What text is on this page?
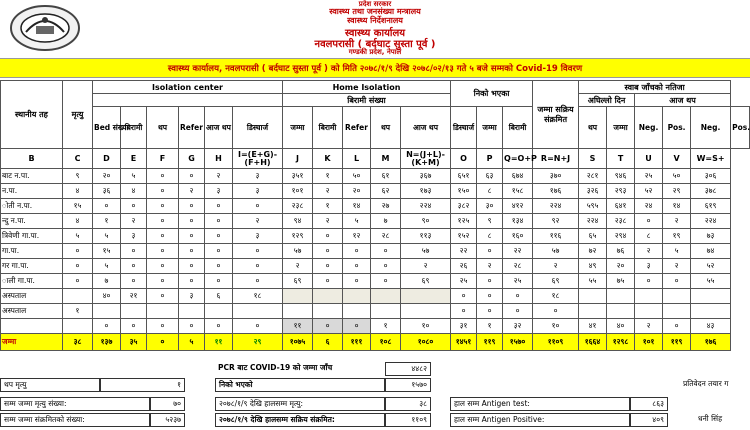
प्रदेश सरकार
स्वास्थ्य तथा जनसंख्या मन्त्रालय
स्वास्थ्य निर्देशनालय
स्वास्थ्य कार्यालय
नवलपरासी ( बर्दघाट सुस्ता पूर्व )
गण्डकी प्रदेश, नेपाल
स्वास्थ्य कार्यालय, नवलपरासी ( बर्दघाट सुस्ता पूर्व ) को मिति २०७८/१/९ देखि २०७८/०२/१३ गते ५ बजे सम्मको Covid-19 विवरण
स्थानीय तह	मृत्यु	Isolation center						Home Isolation					निको भएका			जम्मा सक्रिय संक्रमित	स्वाब जाँचको नतिजा					
								बिरामी संख्या									अघिल्लो दिन		आज थप			
		Bed संख्या	बिरामी	थप	Refer	आज थप	डिस्चार्ज	जम्मा	बिरामी	Refer	थप	आज थप	डिस्चार्ज	जम्मा	बिरामी		थप	जम्मा	Neg.	Pos.	Neg.	Pos.
B	C	D	E	F	G	H	I=(E+G)-(F+H)	J	K	L	M	N=(J+L)-(K+M)	O	P	Q=O+P	R=N+J	S	T	U	V	W=S+	
बाट न.पा.	९	२०	५	०	०	२	३	३५१	१	५०	६१	३६७	६५१	६३	६७४	३७०	२८१	९४६	२५	५०	३०६	
न.पा.	४	३६	४	०	२	३	३	१०१	२	२०	६२	१७३	१५०	८	१५८	१७६	३२६	२९३	५२	२९	३७८	
ोती न.पा.	१५	०	०	०	०	०	०	२३८	१	१४	२७	२२४	३८२	३०	४१२	२२४	५९५	६४१	२४	१४	६१९	
न्दु न.पा.	४	१	२	०	०	०	२	९४	२	५	७	९०	१२५	९	१३४	९२	२२४	२३८	०	२	२२४	
त्रिवेणी गा.पा.	५	५	३	०	०	०	३	१२९	०	१२	२८	११३	१५२	८	१६०	११६	६५	२९४	८	१९	७३	
गा.पा.	०	१५	०	०	०	०	०	५७	०	०	०	५७	२२	०	२२	५७	७२	७६	२	५	७४	
गर गा.पा.	०	५	०	०	०	०	०	२	०	०	०	२	२६	२	२८	२	४९	२०	३	२	५२	
ाली गा.पा.	०	७	०	०	०	०	०	६९	०	०	०	६९	२५	०	२५	६९	५५	७५	०	०	५५	
अस्पताल		४०	२१	०	३	६	१८						०	०	०	१८						
अस्पताल	१												०	०	०	०						
		०	०	०	०	०	०	११	०	०	१	१०	३१	१	३२	१०	४१	४०	२	०	४३	
जम्मा	३८	१३७	३५	०	५	११	२९	१०७५	६	१११	१०८	१०८०	१४५१	११९	१५७०	११०९	१६६४	१२९८	१०१	११९	१७६	
थप मृत्यु	१
सम्म जम्मा मृत्यु संख्या:	७०
सम्म जम्मा संक्रमितको संख्या:	५२३७
PCR बाट COVID-19 को जम्मा जाँच	४४८२
निको भएको	१५७०
२०७८/१/९ देखि हालसम्म मृत्यु:	३८
२०७८/१/९ देखि हालसम्म सक्रिय संक्रमित:	११०९
हाल सम्म Antigen test:	८६३
हाल सम्म Antigen Positive:	४०९
प्रतिवेदन तयार ग
धनी सिंह
